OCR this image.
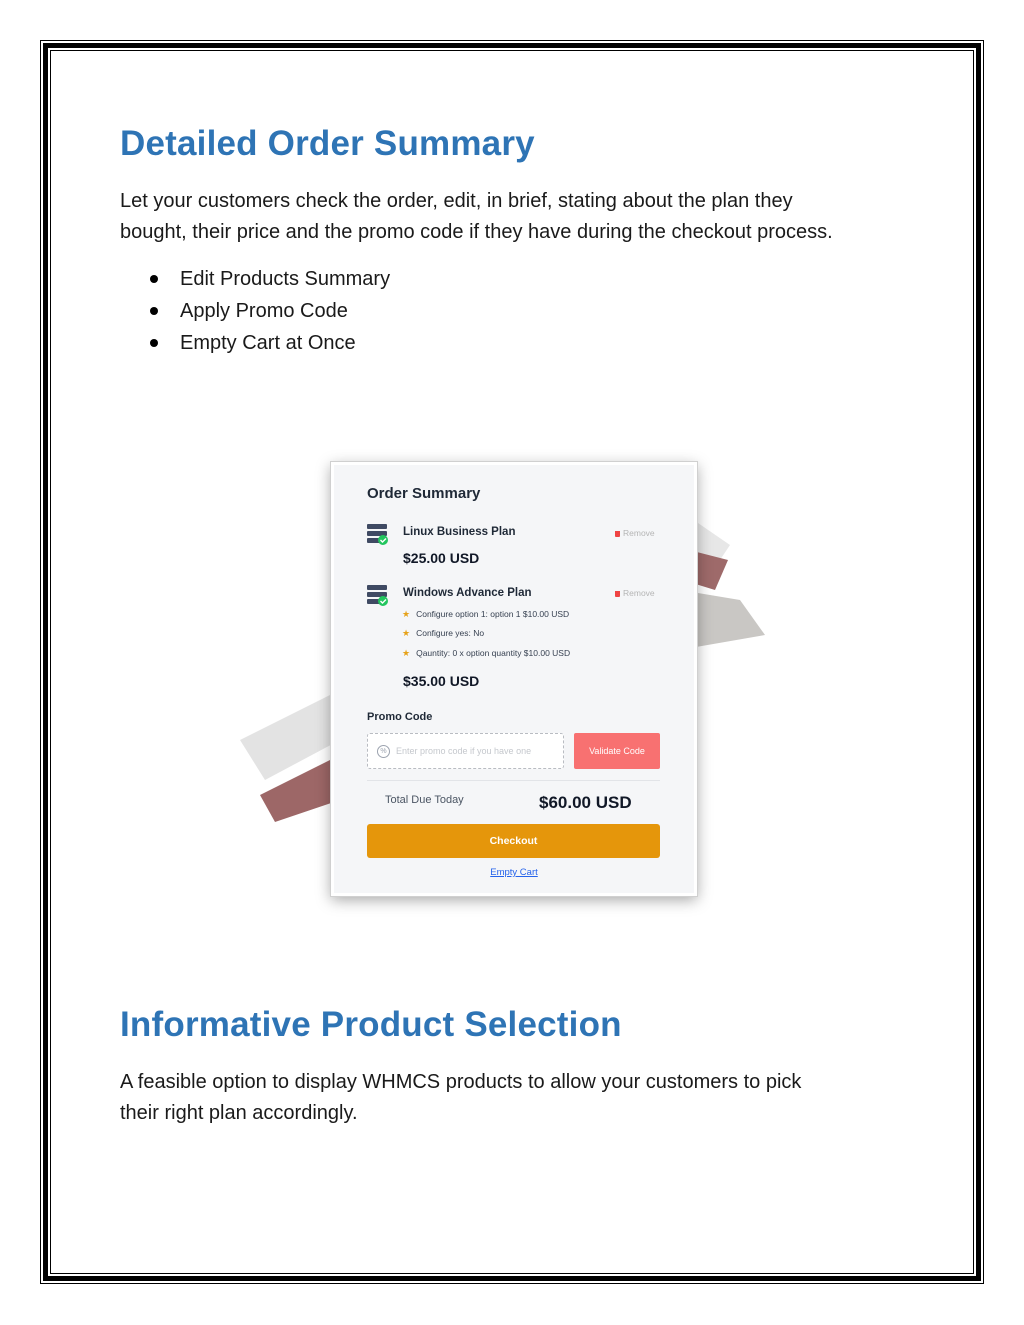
Detailed Order Summary

Let your customers check the order, edit, in brief, stating about the plan they
bought, their price and the promo code if they have during the checkout process.

Edit Products Summary
Apply Promo Code
Empty Cart at Once
Order Summary
Linux Business Plan	Remove
$25.00 USD
Windows Advance Plan	Remove
★ Configure option 1: option 1 $10.00 USD
★ Configure yes: No
★ Qauntity: 0 x option quantity $10.00 USD
$35.00 USD
Promo Code
%
Enter promo code if you have one	Validate Code
Total Due Today	$60.00 USD
Checkout
Empty Cart
Informative Product Selection

A feasible option to display WHMCS products to allow your customers to pick
their right plan accordingly.
